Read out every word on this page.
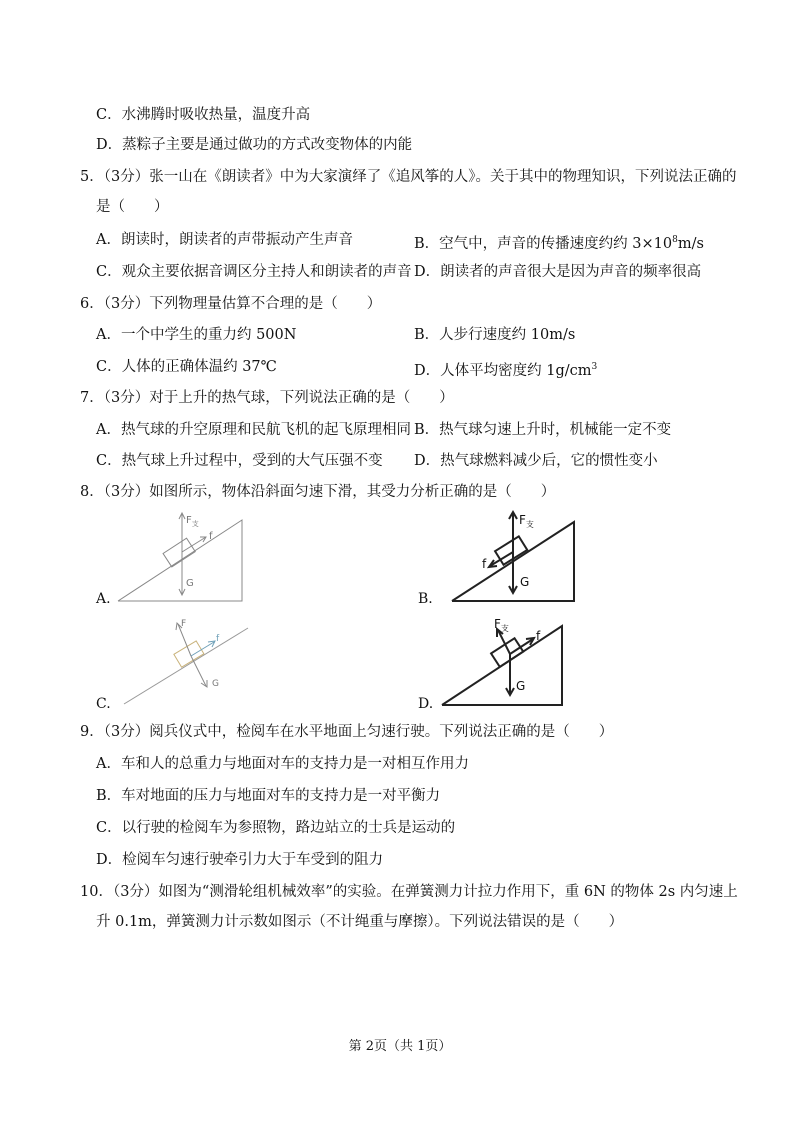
C．水沸腾时吸收热量，温度升高
D．蒸粽子主要是通过做功的方式改变物体的内能
5．（3分）张一山在《朗读者》中为大家演绎了《追风筝的人》。关于其中的物理知识，下列说法正确的
是（　　）
A．朗读时，朗读者的声带振动产生声音	B．空气中，声音的传播速度约约 $3\times 10^8m/s$
C．观众主要依据音调区分主持人和朗读者的声音 D．朗读者的声音很大是因为声音的频率很高
6．（3分）下列物理量估算不合理的是（　　）
A．一个中学生的重力约 500N	B．人步行速度约 10m/s
C．人体的正确体温约 37℃	D．人体平均密度约 $1g/cm^3$
7．（3分）对于上升的热气球，下列说法正确的是（　　）
A．热气球的升空原理和民航飞机的起飞原理相同 B．热气球匀速上升时，机械能一定不变
C．热气球上升过程中，受到的大气压强不变 D．热气球燃料减少后，它的惯性变小
8．（3分）如图所示，物体沿斜面匀速下滑，其受力分析正确的是（　　）
A.
$F_支$
f
G
B.
$F_支$
f
G
C.
F
f
G
D.
$F_支$
f
G
9．（3分）阅兵仪式中，检阅车在水平地面上匀速行驶。下列说法正确的是（　　）
A．车和人的总重力与地面对车的支持力是一对相互作用力
B．车对地面的压力与地面对车的支持力是一对平衡力
C．以行驶的检阅车为参照物，路边站立的士兵是运动的
D．检阅车匀速行驶牵引力大于车受到的阻力
10．（3分）如图为“测滑轮组机械效率”的实验。在弹簧测力计拉力作用下，重 6N 的物体 2s 内匀速上
升 0.1m，弹簧测力计示数如图示（不计绳重与摩擦）。下列说法错误的是（　　）
第 2页（共 1页）
